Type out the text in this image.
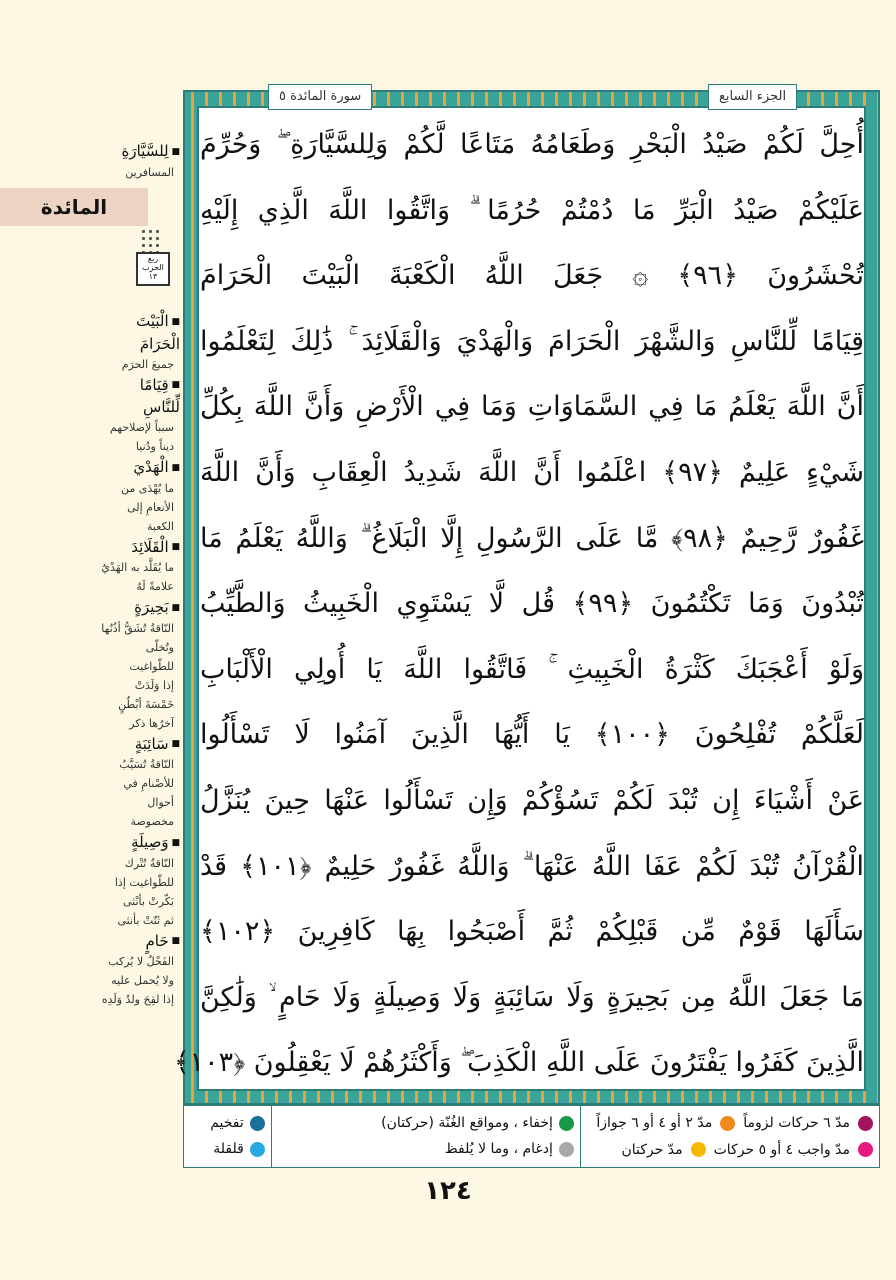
سورة المائدة ٥	الجزء السابع
أُحِلَّ لَكُمْ صَيْدُ الْبَحْرِ وَطَعَامُهُ مَتَاعًا لَّكُمْ وَلِلسَّيَّارَةِ ۖ وَحُرِّمَ
عَلَيْكُمْ صَيْدُ الْبَرِّ مَا دُمْتُمْ حُرُمًا ۗ وَاتَّقُوا اللَّهَ الَّذِي إِلَيْهِ
تُحْشَرُونَ ﴿٩٦﴾ ۞ جَعَلَ اللَّهُ الْكَعْبَةَ الْبَيْتَ الْحَرَامَ
قِيَامًا لِّلنَّاسِ وَالشَّهْرَ الْحَرَامَ وَالْهَدْيَ وَالْقَلَائِدَ ۚ ذَٰلِكَ لِتَعْلَمُوا
أَنَّ اللَّهَ يَعْلَمُ مَا فِي السَّمَاوَاتِ وَمَا فِي الْأَرْضِ وَأَنَّ اللَّهَ بِكُلِّ
شَيْءٍ عَلِيمٌ ﴿٩٧﴾ اعْلَمُوا أَنَّ اللَّهَ شَدِيدُ الْعِقَابِ وَأَنَّ اللَّهَ
غَفُورٌ رَّحِيمٌ ﴿٩٨﴾ مَّا عَلَى الرَّسُولِ إِلَّا الْبَلَاغُ ۗ وَاللَّهُ يَعْلَمُ مَا
تُبْدُونَ وَمَا تَكْتُمُونَ ﴿٩٩﴾ قُل لَّا يَسْتَوِي الْخَبِيثُ وَالطَّيِّبُ
وَلَوْ أَعْجَبَكَ كَثْرَةُ الْخَبِيثِ ۚ فَاتَّقُوا اللَّهَ يَا أُولِي الْأَلْبَابِ
لَعَلَّكُمْ تُفْلِحُونَ ﴿١٠٠﴾ يَا أَيُّهَا الَّذِينَ آمَنُوا لَا تَسْأَلُوا
عَنْ أَشْيَاءَ إِن تُبْدَ لَكُمْ تَسُؤْكُمْ وَإِن تَسْأَلُوا عَنْهَا حِينَ يُنَزَّلُ
الْقُرْآنُ تُبْدَ لَكُمْ عَفَا اللَّهُ عَنْهَا ۗ وَاللَّهُ غَفُورٌ حَلِيمٌ ﴿١٠١﴾ قَدْ
سَأَلَهَا قَوْمٌ مِّن قَبْلِكُمْ ثُمَّ أَصْبَحُوا بِهَا كَافِرِينَ ﴿١٠٢﴾
مَا جَعَلَ اللَّهُ مِن بَحِيرَةٍ وَلَا سَائِبَةٍ وَلَا وَصِيلَةٍ وَلَا حَامٍ ۙ وَلَٰكِنَّ
الَّذِينَ كَفَرُوا يَفْتَرُونَ عَلَى اللَّهِ الْكَذِبَ ۖ وَأَكْثَرُهُمْ لَا يَعْقِلُونَ ﴿١٠٣﴾
المائدة
ربع
الحزب
١٣
■ لِلسَّيَّارَةِ
المسافرين
■ الْبَيْتَ الْحَرَامَ
جميعَ الحرَم
■ قِيَامًا لِّلنَّاسِ
سبباً لإصلاحهم
ديناً ودُنيا
■ الْهَدْيَ
ما يُهْدَى من
الأنعامِ إلى الكعبة
■ الْقَلَائِدَ
ما يُقَلَّد به الهَدْيُ
علامةً لَهُ
■ بَحِيرَةٍ
النّاقةُ تُشَقُّ أذُنُها
وتُخلّى للطّواغيت
إذا وَلَدَتْ
خَمْسَةَ أبْطُنٍ
آخرُها ذكر
■ سَائِبَةٍ
النّاقةُ تُسَيَّبُ
للأصْنامِ في أحوال
مخصوصة
■ وَصِيلَةٍ
النّاقةُ تُتْرك
للطّواغيت إذا
بَكّرتْ بأنْثى
ثم ثَنّتْ بأنثى
■ حَامٍ
الفَحْلُ لا يُركب
ولا يُحمل عليه
إذا لقِحَ ولدُ وَلَدِه
مدّ ٦ حركات لزوماً
مدّ ٢ أو ٤ أو ٦ جوازاً
مدّ واجب ٤ أو ٥ حركات
مدّ حركتان
إخفاء ، ومواقع الغُنّة (حركتان)
إدغام ، وما لا يُلفظ
تفخيم
قلقلة
١٢٤
